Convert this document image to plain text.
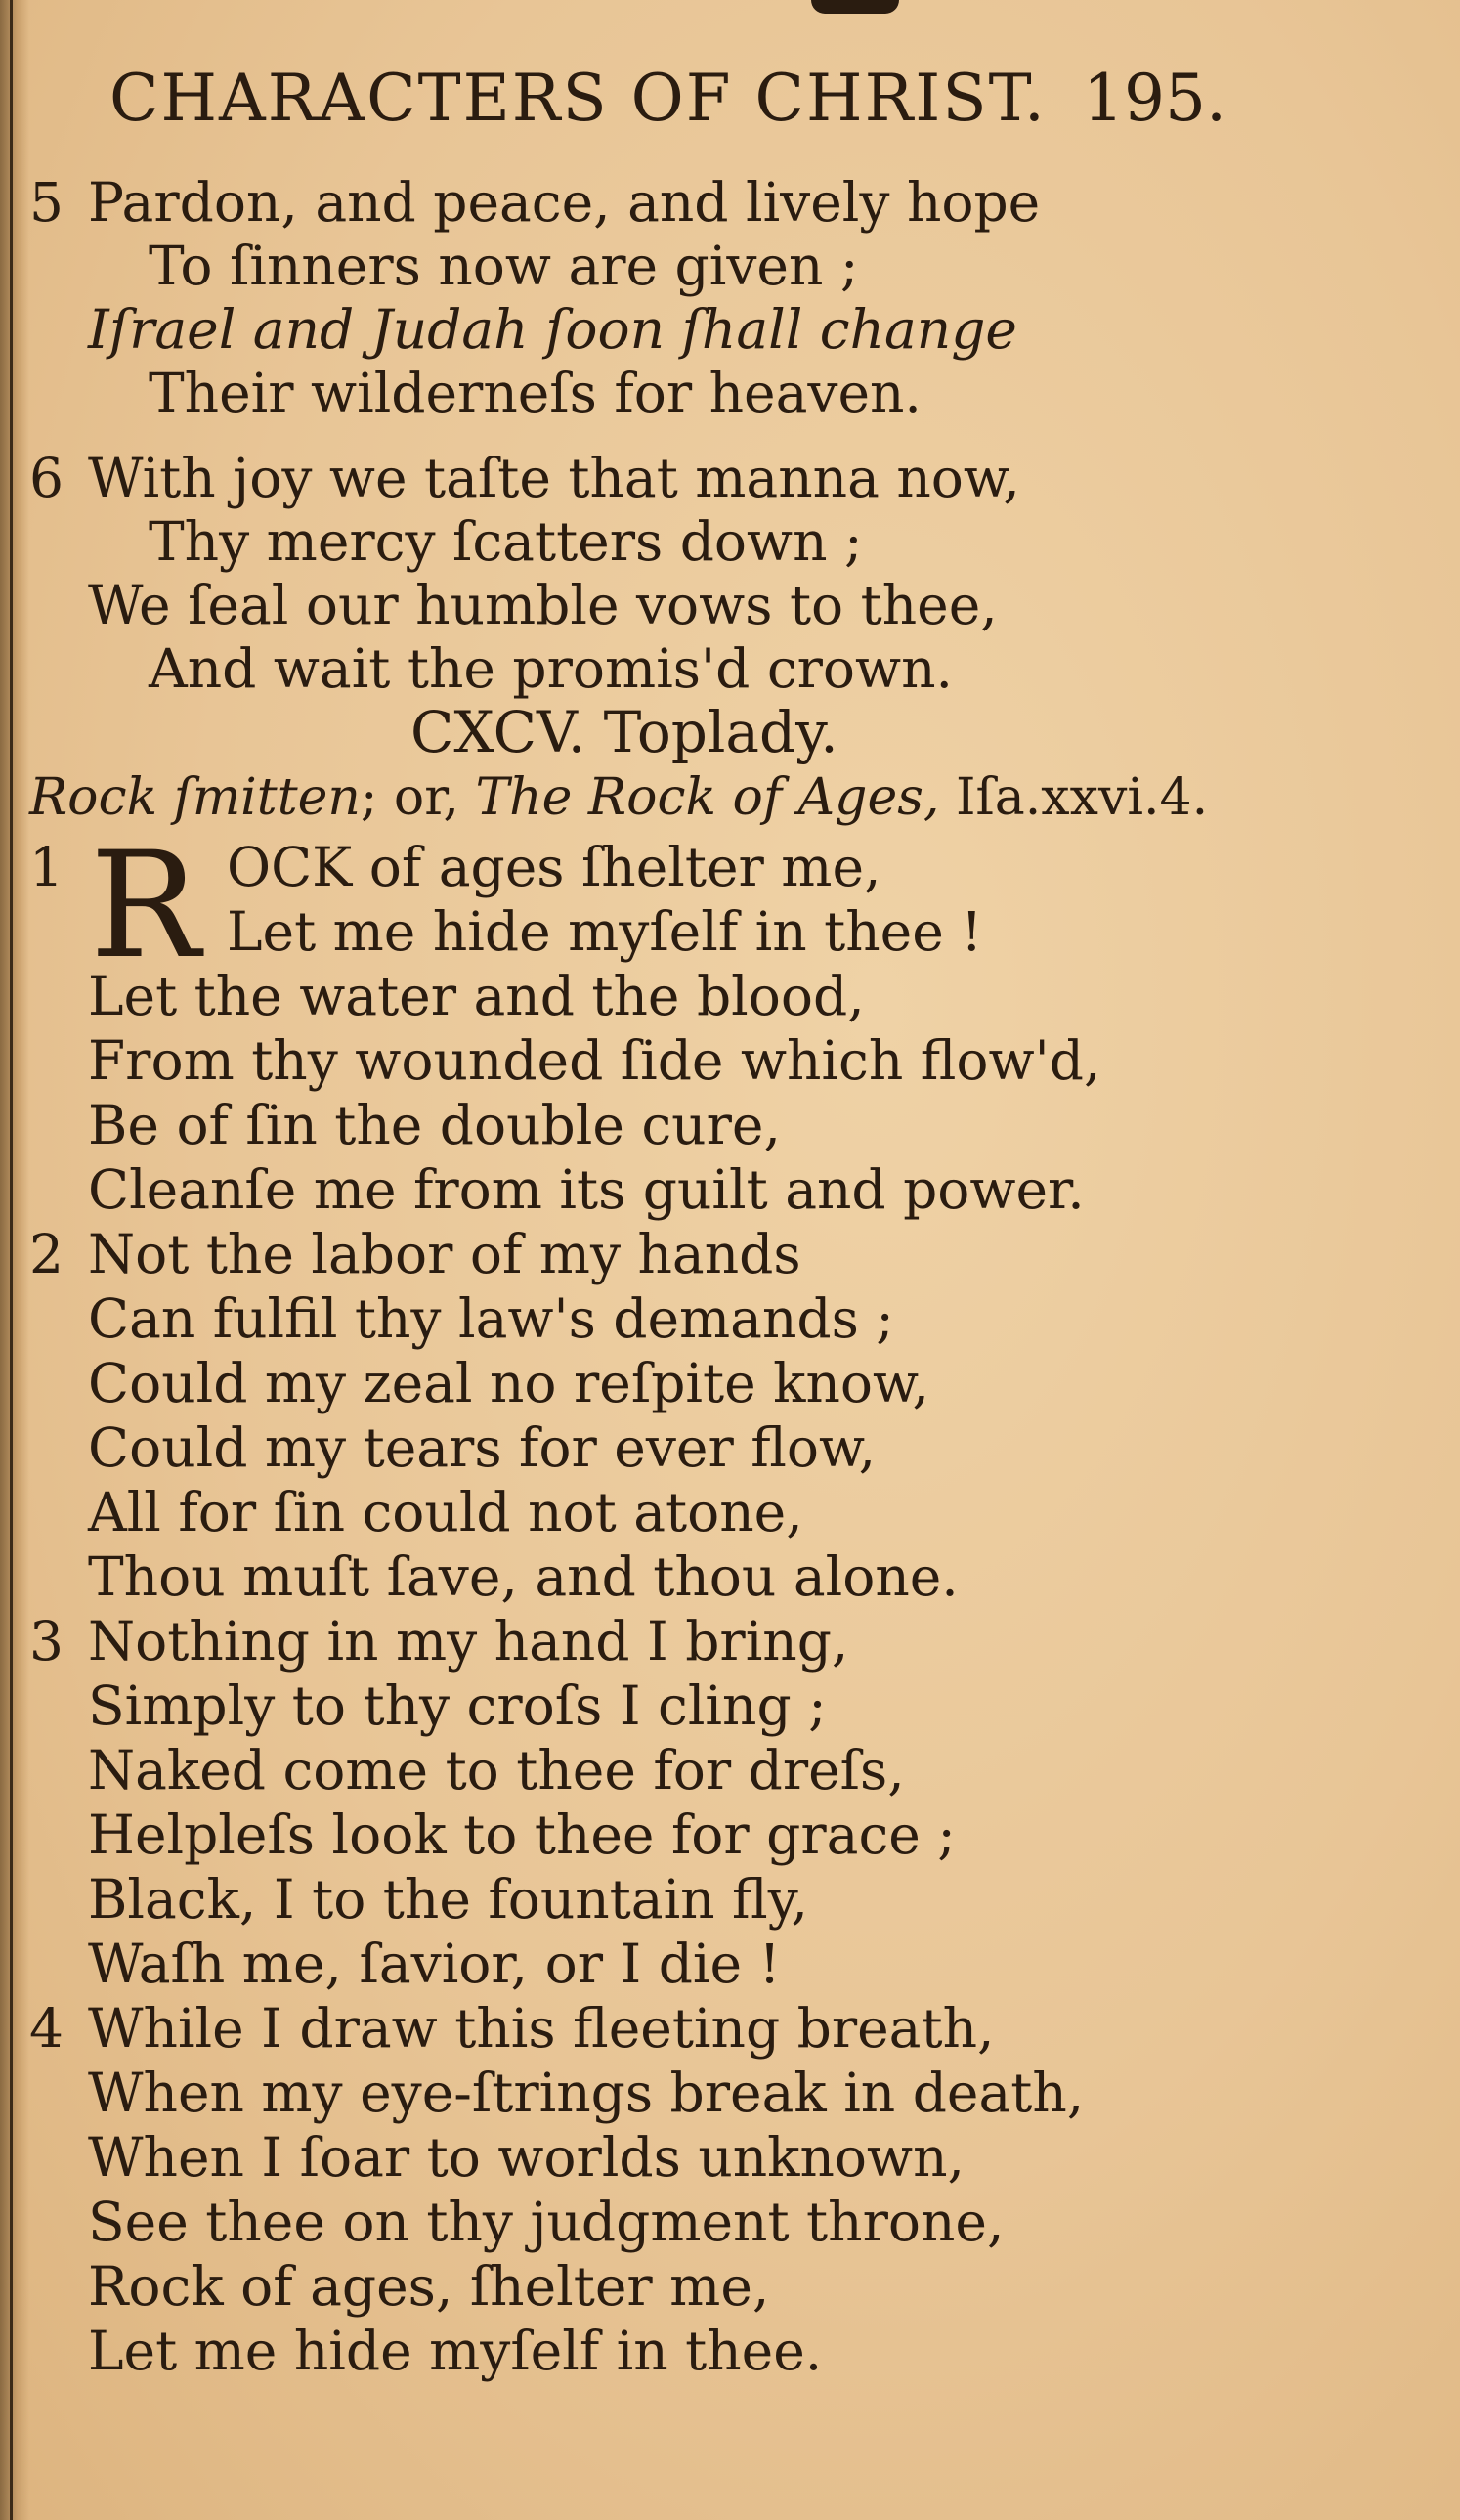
CHARACTERS OF CHRIST. 195.
5 Pardon, and peace, and lively hope
To ſinners now are given ;
Iſrael and Judah ſoon ſhall change
Their wilderneſs for heaven.
6 With joy we taſte that manna now,
Thy mercy ſcatters down ;
We ſeal our humble vows to thee,
And wait the promis'd crown.
CXCV. Toplady.
Rock ſmitten; or, The Rock of Ages, Iſa.xxvi.4.
1 R OCK of ages ſhelter me,
Let me hide myſelf in thee !
Let the water and the blood,
From thy wounded ſide which flow'd,
Be of ſin the double cure,
Cleanſe me from its guilt and power.
2 Not the labor of my hands
Can fulfil thy law's demands ;
Could my zeal no reſpite know,
Could my tears for ever flow,
All for ſin could not atone,
Thou muſt ſave, and thou alone.
3 Nothing in my hand I bring,
Simply to thy croſs I cling ;
Naked come to thee for dreſs,
Helpleſs look to thee for grace ;
Black, I to the fountain fly,
Waſh me, ſavior, or I die !
4 While I draw this fleeting breath,
When my eye-ſtrings break in death,
When I ſoar to worlds unknown,
See thee on thy judgment throne,
Rock of ages, ſhelter me,
Let me hide myſelf in thee.
